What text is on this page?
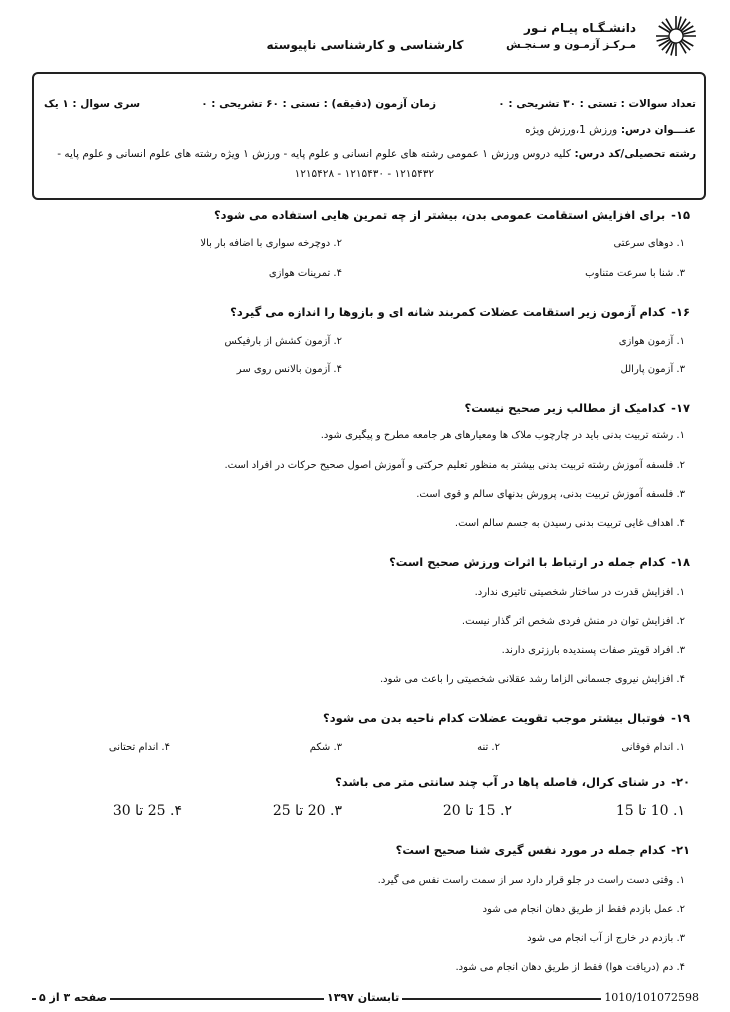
دانشـگـاه پیـام نـور
مـرکـز آزمـون و سـنجـش
کارشناسی و کارشناسی ناپیوسته
تعداد سوالات : تستی : ۳۰ تشریحی : ۰
زمان آزمون (دقیقه) : تستی : ۶۰ تشریحی : ۰
سری سوال : ۱ یک
عنـــوان درس: ورزش 1،ورزش ویژه
رشته تحصیلی/کد درس: کلیه دروس ورزش ۱ عمومی رشته های علوم انسانی و علوم پایه - ورزش ۱ ویژه رشته های علوم انسانی و علوم پایه -
۱۲۱۵۴۳۲ - ۱۲۱۵۴۳۰ - ۱۲۱۵۴۲۸
۱۵-برای افزایش استقامت عمومی بدن، بیشتر از چه تمرین هایی استفاده می شود؟
۱. دوهای سرعتی
۲. دوچرخه سواری با اضافه بار بالا
۳. شنا با سرعت متناوب
۴. تمرینات هوازی
۱۶-کدام آزمون زیر استقامت عضلات کمربند شانه ای و بازوها را اندازه می گیرد؟
۱. آزمون هوازی
۲. آزمون کشش از بارفیکس
۳. آزمون پارالل
۴. آزمون بالانس روی سر
۱۷-کدامیک از مطالب زیر صحیح نیست؟
۱. رشته تربیت بدنی باید در چارچوب ملاک ها ومعیارهای هر جامعه مطرح و پیگیری شود.
۲. فلسفه آموزش رشته تربیت بدنی بیشتر به منظور تعلیم حرکتی و آموزش اصول صحیح حرکات در افراد است.
۳. فلسفه آموزش تربیت بدنی، پرورش بدنهای سالم و قوی است.
۴. اهداف غایی تربیت بدنی رسیدن به جسم سالم است.
۱۸-کدام جمله در ارتباط با اثرات ورزش صحیح است؟
۱. افزایش قدرت در ساختار شخصیتی تاثیری ندارد.
۲. افزایش توان در منش فردی شخص اثر گذار نیست.
۳. افراد قویتر صفات پسندیده بارزتری دارند.
۴. افزایش نیروی جسمانی الزاما رشد عقلانی شخصیتی را باعث می شود.
۱۹-فوتبال بیشتر موجب تقویت عضلات کدام ناحیه بدن می شود؟
۱. اندام فوقانی
۲. تنه
۳. شکم
۴. اندام تحتانی
۲۰-در شنای کرال، فاصله پاها در آب چند سانتی متر می باشد؟
۱. 10 تا 15
۲. 15 تا 20
۳. 20 تا 25
۴. 25 تا 30
۲۱-کدام جمله در مورد نفس گیری شنا صحیح است؟
۱. وقتی دست راست در جلو قرار دارد سر از سمت راست نفس می گیرد.
۲. عمل بازدم فقط از طریق دهان انجام می شود
۳. بازدم در خارج از آب انجام می شود
۴. دم (دریافت هوا) فقط از طریق دهان انجام می شود.
صفحه ۳ از ۵	تابستان ۱۳۹۷	1010/101072598
